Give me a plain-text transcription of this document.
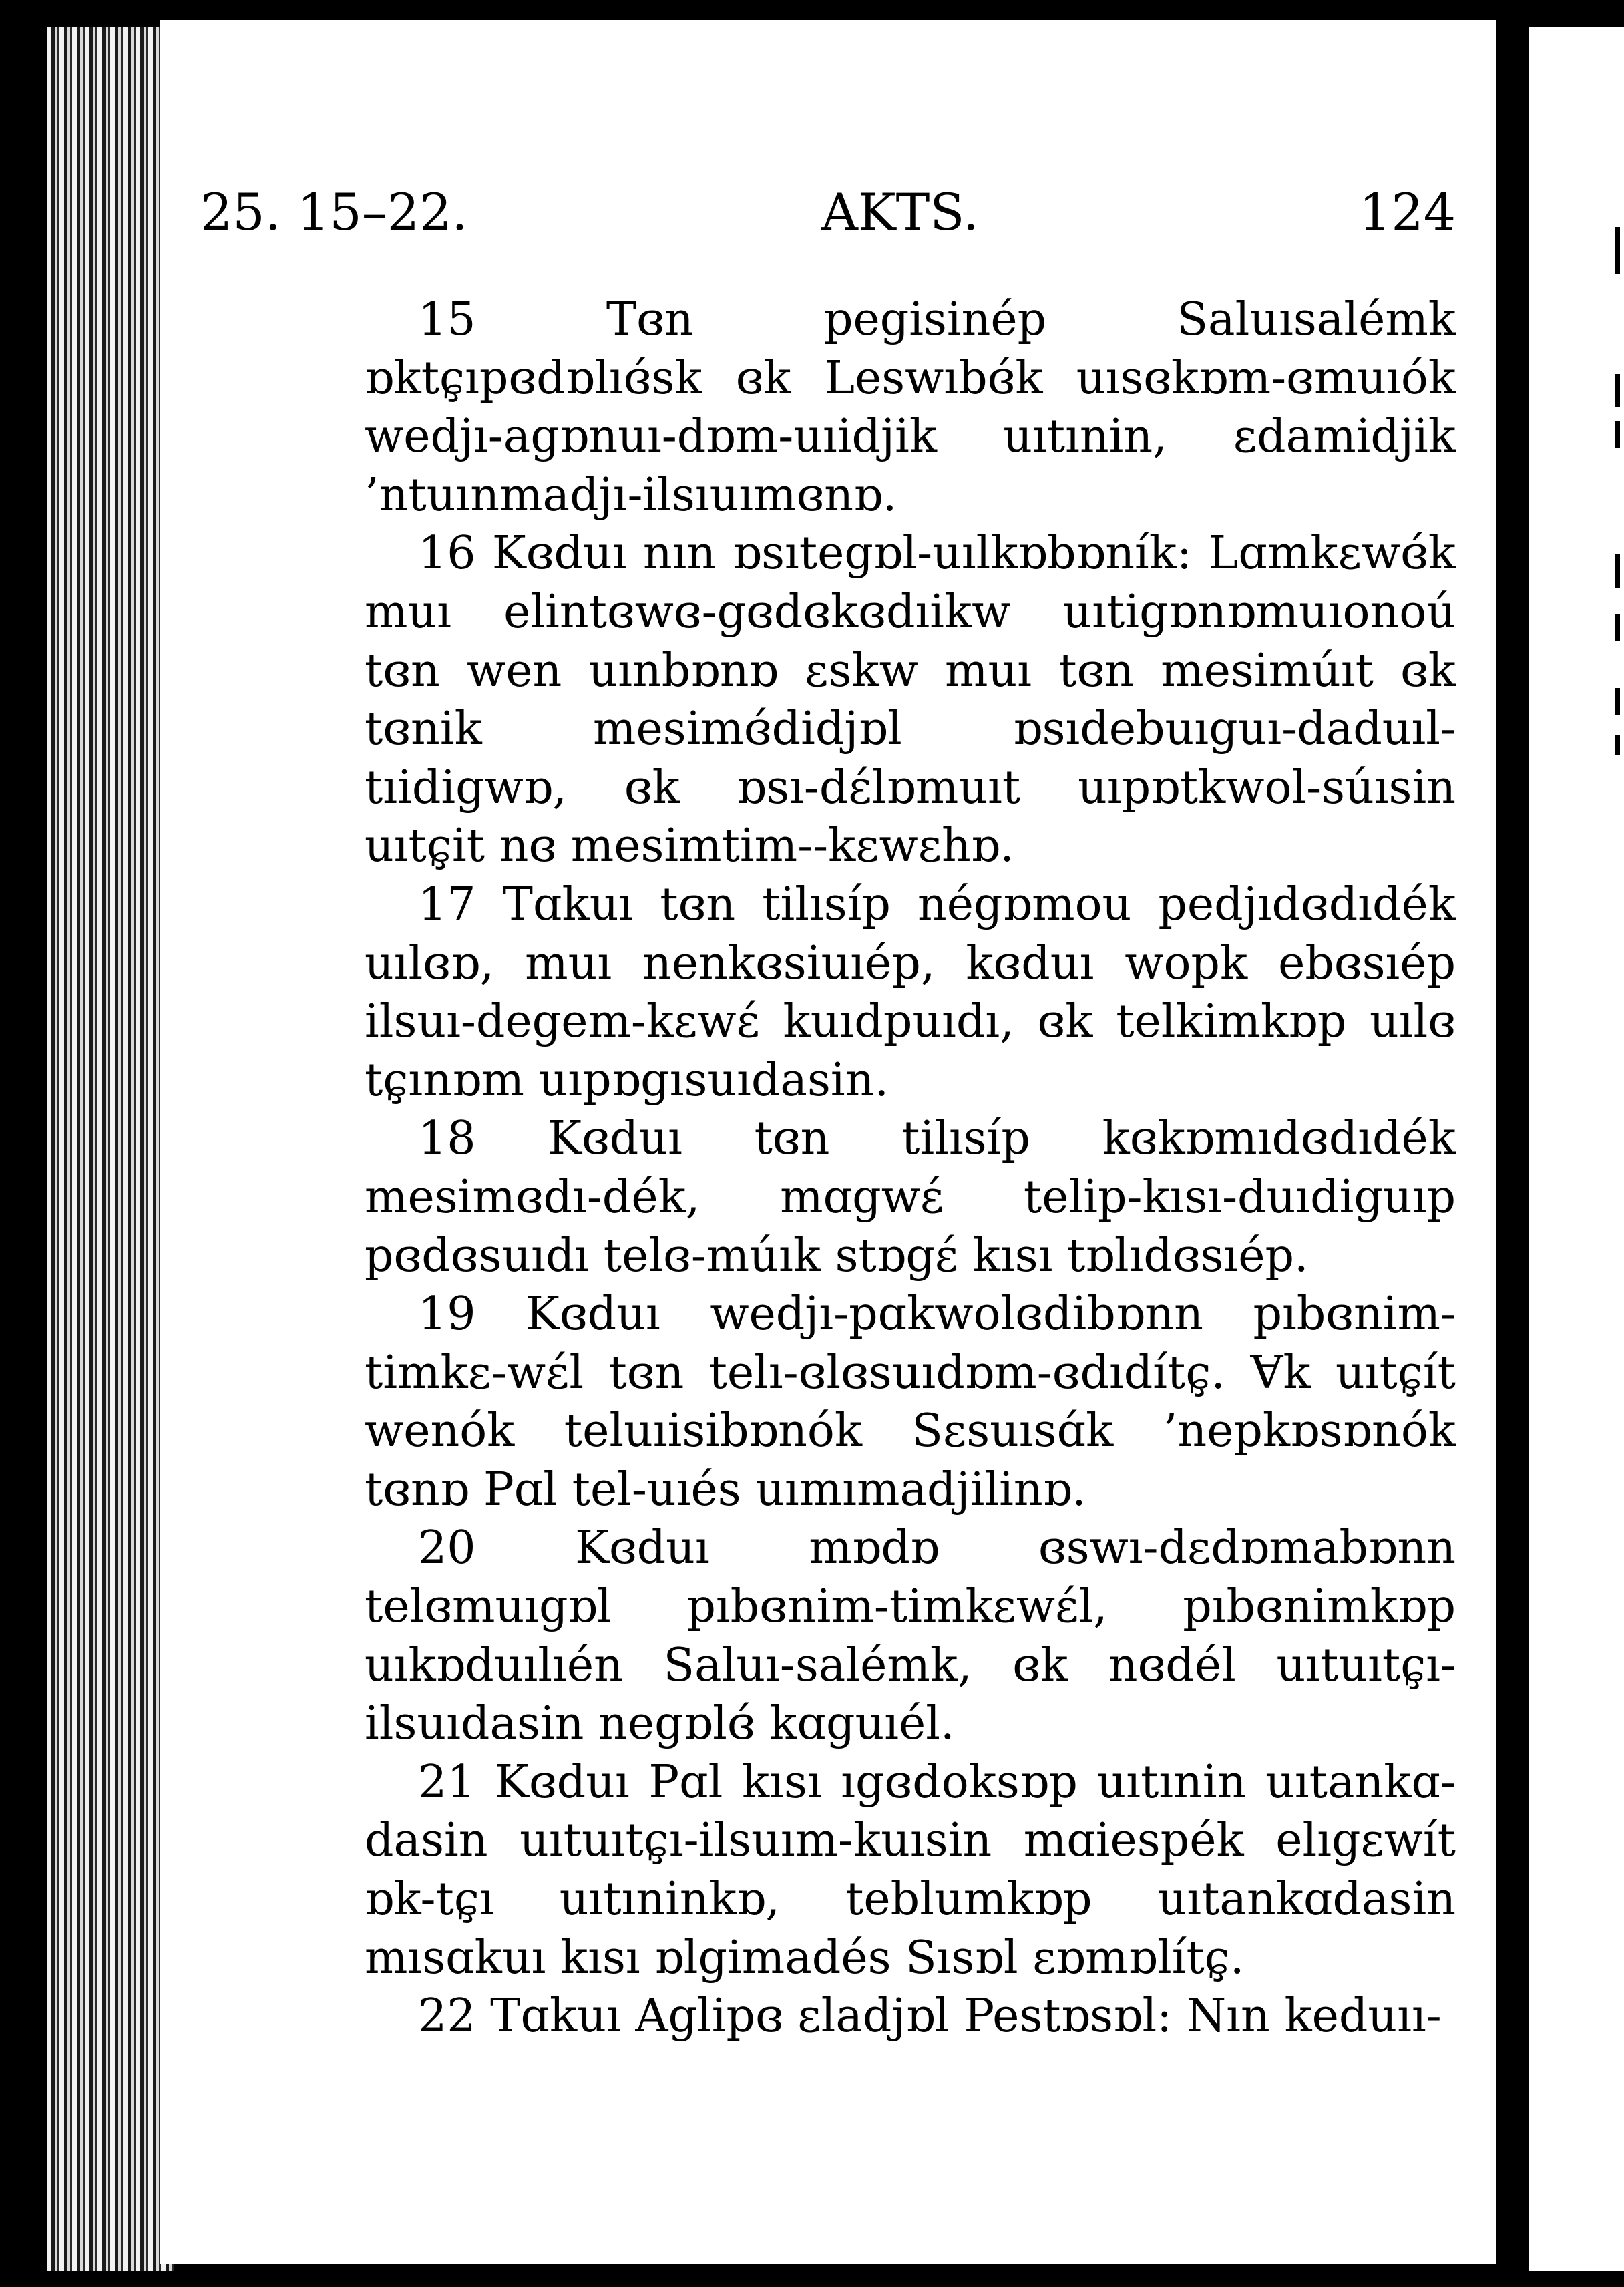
25. 15–22.	AKTS.	124

15	Tɞn pegisinép Saluısalémk ɒktɕ̧ıpɞdɒlıɞ́sk ɞk Leswıbɞ́k uısɞkɒm-ɞmuıók wedjı-agɒnuı-dɒm-uıidjik uıtınin, ɛdamidjik ’ntuınmadjı-ilsıuımɞnɒ.

16 Kɞduı nın ɒsıtegɒl-uılkɒbɒník: Lɑmkɛwɞ́k muı elintɞwɞ-gɞdɞkɞdıikw uıtigɒnɒmuıonoú tɞn wen uınbɒnɒ ɛskw muı tɞn mesimúıt ɞk tɞnik mesimɞ́didjɒl ɒsıdebuıguı-daduıl-tıidigwɒ, ɞk ɒsı-dɛ́lɒmuıt uıpɒtkwol-súısin uıtɕ̧it nɞ mesimtim--kɛwɛhɒ.

17 Tɑkuı tɞn tilısíp négɒmou pedjıdɞdıdék uılɞɒ, muı nenkɞsiuıép, kɞduı wopk ebɞsıép ilsuı-degem-kɛwɛ́ kuıdpuıdı, ɞk telkimkɒp uılɞ tɕ̧ınɒm uıpɒgısuıdasin.

18 Kɞduı tɞn tilısíp kɞkɒmıdɞdıdék mesimɞdı-dék, mɑgwɛ́ telip-kısı-duıdiguıp pɞdɞsuıdı telɞ-múık stɒgɛ́ kısı tɒlıdɞsıép.

19 Kɞduı wedjı-pɑkwolɞdibɒnn pıbɞnim-timkɛ-wɛ́l tɞn telı-ɞlɞsuıdɒm-ɞdıdítɕ̧. Ɐk uıtɕ̧ít wenók teluıisibɒnók Sɛsuısɑ́k ’nepkɒsɒnók tɞnɒ Pɑl tel-uıés uımımadjilinɒ.

20 Kɞduı mɒdɒ ɞswı-dɛdɒmabɒnn telɞmuıgɒl pıbɞnim-timkɛwɛ́l, pıbɞnimkɒp uıkɒduılıén Saluı-salémk, ɞk nɞdél uıtuıtɕ̧ı-ilsuıdasin negɒlɞ́ kɑguıél.

21 Kɞduı Pɑl kısı ıgɞdoksɒp uıtınin uıtankɑ-dasin uıtuıtɕ̧ı-ilsuım-kuısin mɑiespék elıgɛwít ɒk-tɕ̧ı uıtıninkɒ, teblumkɒp uıtankɑdasin mısɑkuı kısı ɒlgimadés Sısɒl ɛɒmɒlítɕ̧.

22 Tɑkuı Aglipɞ ɛladjɒl Pestɒsɒl: Nın keduıı-
